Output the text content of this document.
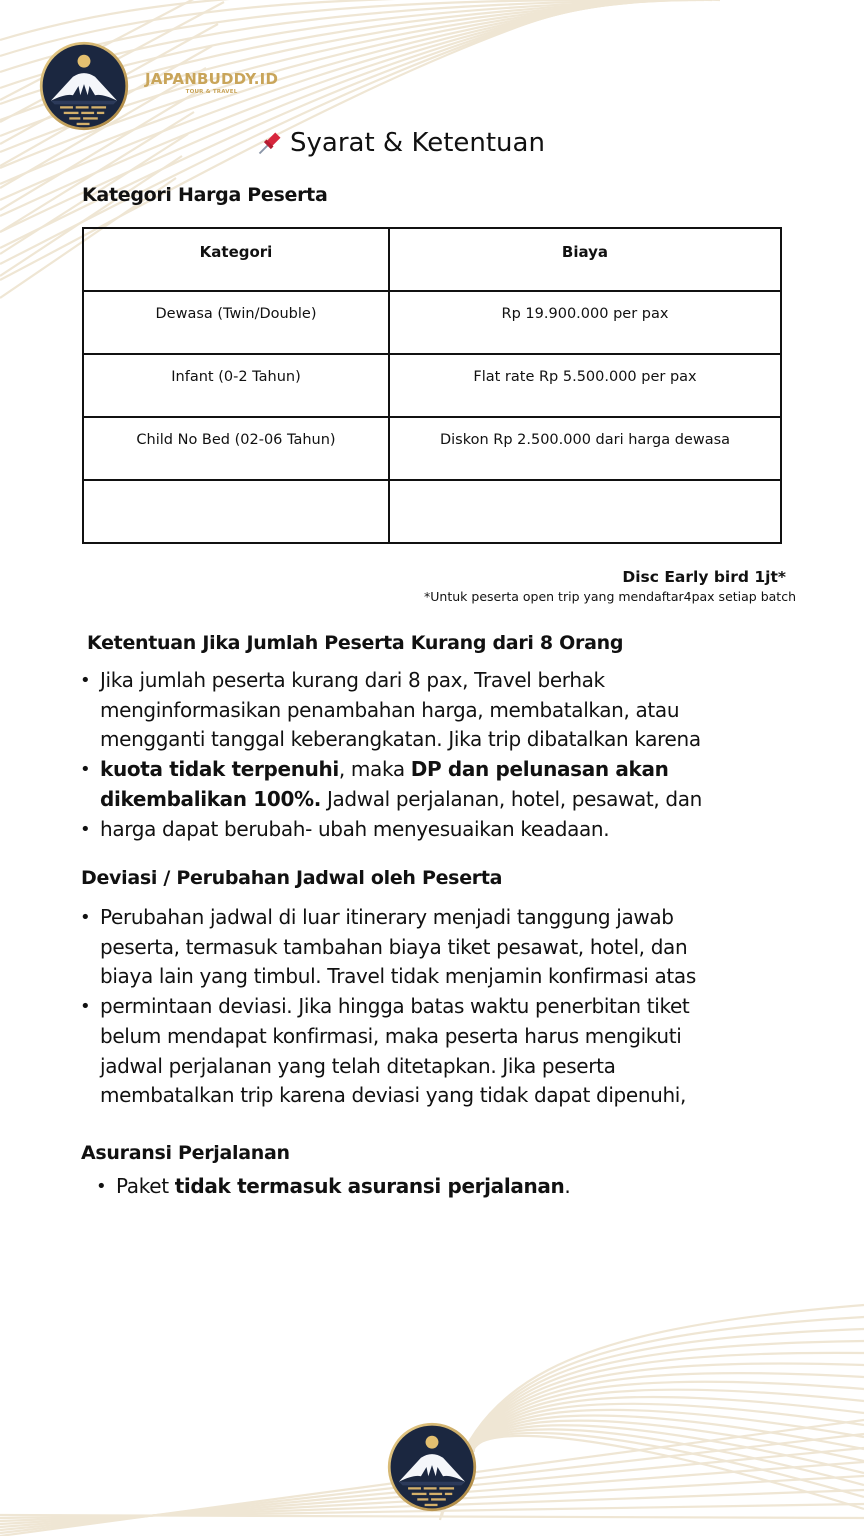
JAPANBUDDY.ID
TOUR & TRAVEL
Syarat & Ketentuan
Kategori Harga Peserta
Kategori	Biaya
Dewasa (Twin/Double)	Rp 19.900.000 per pax
Infant (0-2 Tahun)	Flat rate Rp 5.500.000 per pax
Child No Bed (02-06 Tahun)	Diskon Rp 2.500.000 dari harga dewasa

Disc Early bird 1jt*
*Untuk peserta open trip yang mendaftar4pax setiap batch
Ketentuan Jika Jumlah Peserta Kurang dari 8 Orang
• Jika jumlah peserta kurang dari 8 pax, Travel berhak
menginformasikan penambahan harga, membatalkan, atau
mengganti tanggal keberangkatan. Jika trip dibatalkan karena
• kuota tidak terpenuhi, maka DP dan pelunasan akan
dikembalikan 100%. Jadwal perjalanan, hotel, pesawat, dan
• harga dapat berubah- ubah menyesuaikan keadaan.
Deviasi / Perubahan Jadwal oleh Peserta
• Perubahan jadwal di luar itinerary menjadi tanggung jawab
peserta, termasuk tambahan biaya tiket pesawat, hotel, dan
biaya lain yang timbul. Travel tidak menjamin konfirmasi atas
• permintaan deviasi. Jika hingga batas waktu penerbitan tiket
belum mendapat konfirmasi, maka peserta harus mengikuti
jadwal perjalanan yang telah ditetapkan. Jika peserta
membatalkan trip karena deviasi yang tidak dapat dipenuhi,
Asuransi Perjalanan
• Paket tidak termasuk asuransi perjalanan.
